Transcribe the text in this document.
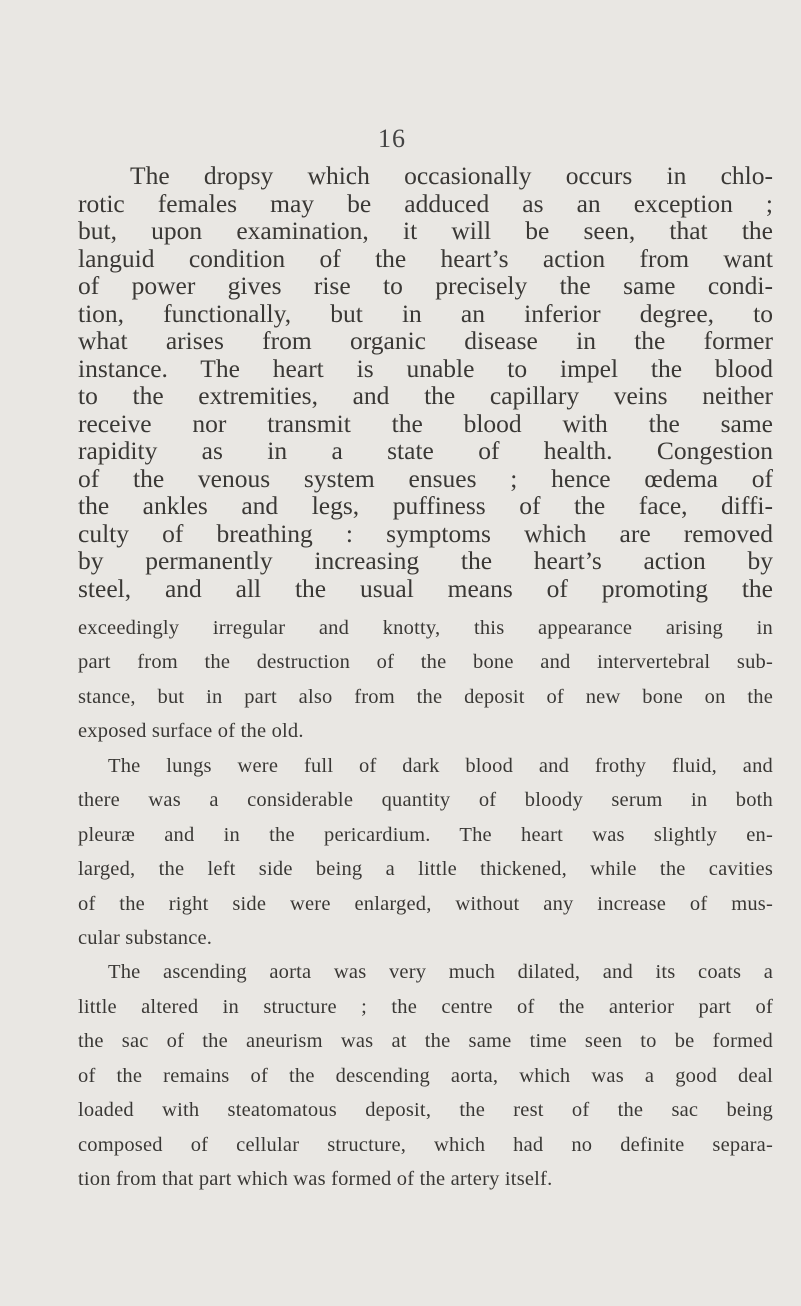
16
The dropsy which occasionally occurs in chlo-
rotic females may be adduced as an exception ;
but, upon examination, it will be seen, that the
languid condition of the heart’s action from want
of power gives rise to precisely the same condi-
tion, functionally, but in an inferior degree, to
what arises from organic disease in the former
instance. The heart is unable to impel the blood
to the extremities, and the capillary veins neither
receive nor transmit the blood with the same
rapidity as in a state of health. Congestion
of the venous system ensues ; hence œdema of
the ankles and legs, puffiness of the face, diffi-
culty of breathing : symptoms which are removed
by permanently increasing the heart’s action by
steel, and all the usual means of promoting the
exceedingly irregular and knotty, this appearance arising in
part from the destruction of the bone and intervertebral sub-
stance, but in part also from the deposit of new bone on the
exposed surface of the old.
The lungs were full of dark blood and frothy fluid, and
there was a considerable quantity of bloody serum in both
pleuræ and in the pericardium. The heart was slightly en-
larged, the left side being a little thickened, while the cavities
of the right side were enlarged, without any increase of mus-
cular substance.
The ascending aorta was very much dilated, and its coats a
little altered in structure ; the centre of the anterior part of
the sac of the aneurism was at the same time seen to be formed
of the remains of the descending aorta, which was a good deal
loaded with steatomatous deposit, the rest of the sac being
composed of cellular structure, which had no definite separa-
tion from that part which was formed of the artery itself.
